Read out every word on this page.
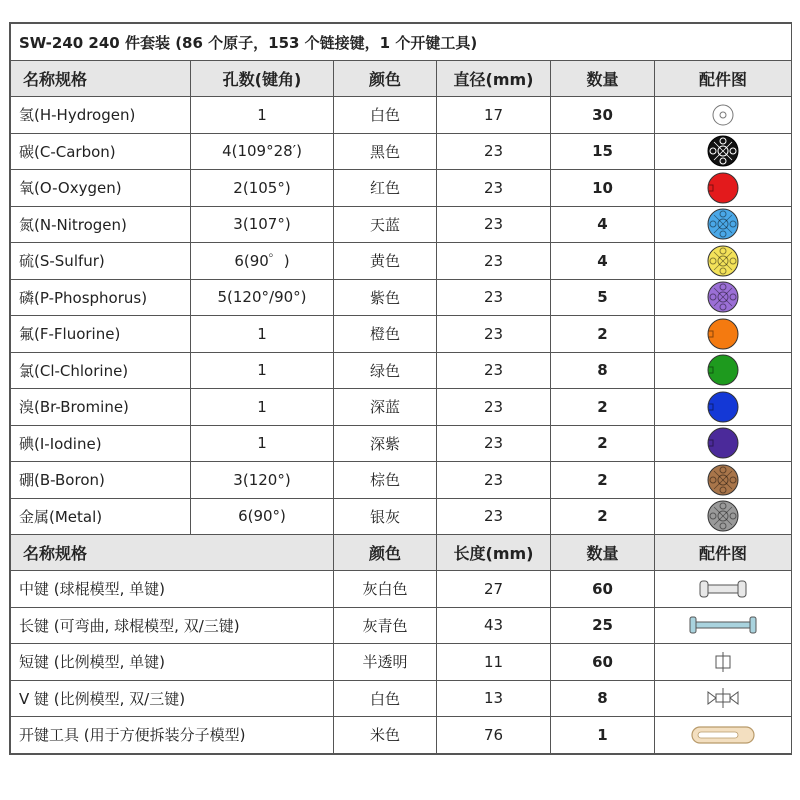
SW-240 240 件套装 (86 个原子，153 个链接键，1 个开键工具)					
名称规格	孔数(键角)	颜色	直径(mm)	数量	配件图
氢(H-Hydrogen)	1	白色	17	30	
碳(C-Carbon)	4(109°28′)	黑色	23	15	
氧(O-Oxygen)	2(105°)	红色	23	10	
氮(N-Nitrogen)	3(107°)	天蓝	23	4	
硫(S-Sulfur)	6(90゜)	黄色	23	4	
磷(P-Phosphorus)	5(120°/90°)	紫色	23	5	
氟(F-Fluorine)	1	橙色	23	2	
氯(Cl-Chlorine)	1	绿色	23	8	
溴(Br-Bromine)	1	深蓝	23	2	
碘(I-Iodine)	1	深紫	23	2	
硼(B-Boron)	3(120°)	棕色	23	2	
金属(Metal)	6(90°)	银灰	23	2	
名称规格		颜色	长度(mm)	数量	配件图
中键 (球棍模型, 单键)		灰白色	27	60	
长键 (可弯曲, 球棍模型, 双/三键)		灰青色	43	25	
短键 (比例模型, 单键)		半透明	11	60	
V 键 (比例模型, 双/三键)		白色	13	8	
开键工具 (用于方便拆装分子模型)		米色	76	1	
